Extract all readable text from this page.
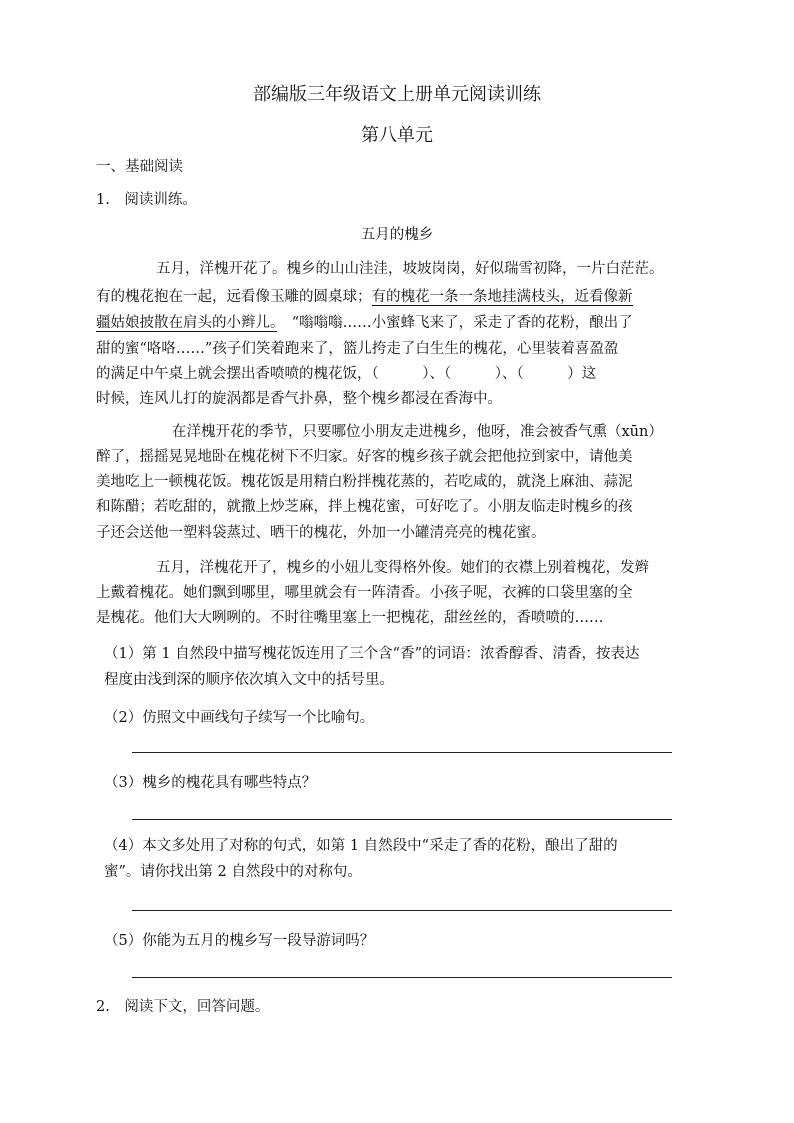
部编版三年级语文上册单元阅读训练
第八单元
一、基础阅读
1.　阅读训练。
五月的槐乡
五月，洋槐开花了。槐乡的山山洼洼，坡坡岗岗，好似瑞雪初降，一片白茫茫。
有的槐花抱在一起，远看像玉雕的圆桌球；有的槐花一条一条地挂满枝头，近看像新
疆姑娘披散在肩头的小辫儿。　 “嗡嗡嗡……小蜜蜂飞来了，采走了香的花粉，酿出了
甜的蜜“咯咯……”孩子们笑着跑来了，篮儿挎走了白生生的槐花，心里装着喜盈盈
的满足中午桌上就会摆出香喷喷的槐花饭，（　　　）、（　　　）、（　　　）这
时候，连风儿打的旋涡都是香气扑鼻，整个槐乡都浸在香海中。
在洋槐开花的季节，只要哪位小朋友走进槐乡，他呀，准会被香气熏（xūn）
醉了，摇摇晃晃地卧在槐花树下不归家。好客的槐乡孩子就会把他拉到家中，请他美
美地吃上一顿槐花饭。槐花饭是用精白粉拌槐花蒸的，若吃咸的，就浇上麻油、蒜泥
和陈醋；若吃甜的，就撒上炒芝麻，拌上槐花蜜，可好吃了。小朋友临走时槐乡的孩
子还会送他一塑料袋蒸过、晒干的槐花，外加一小罐清亮亮的槐花蜜。
五月，洋槐花开了，槐乡的小妞儿变得格外俊。她们的衣襟上别着槐花，发辫
上戴着槐花。她们飘到哪里，哪里就会有一阵清香。小孩子呢，衣裤的口袋里塞的全
是槐花。他们大大咧咧的。不时往嘴里塞上一把槐花，甜丝丝的，香喷喷的……
（1）第 1 自然段中描写槐花饭连用了三个含“香”的词语：浓香醇香、清香，按表达
程度由浅到深的顺序依次填入文中的括号里。
（2）仿照文中画线句子续写一个比喻句。
（3）槐乡的槐花具有哪些特点？
（4）本文多处用了对称的句式，如第 1 自然段中“采走了香的花粉，酿出了甜的
蜜”。请你找出第 2 自然段中的对称句。
（5）你能为五月的槐乡写一段导游词吗？
2.　阅读下文，回答问题。
